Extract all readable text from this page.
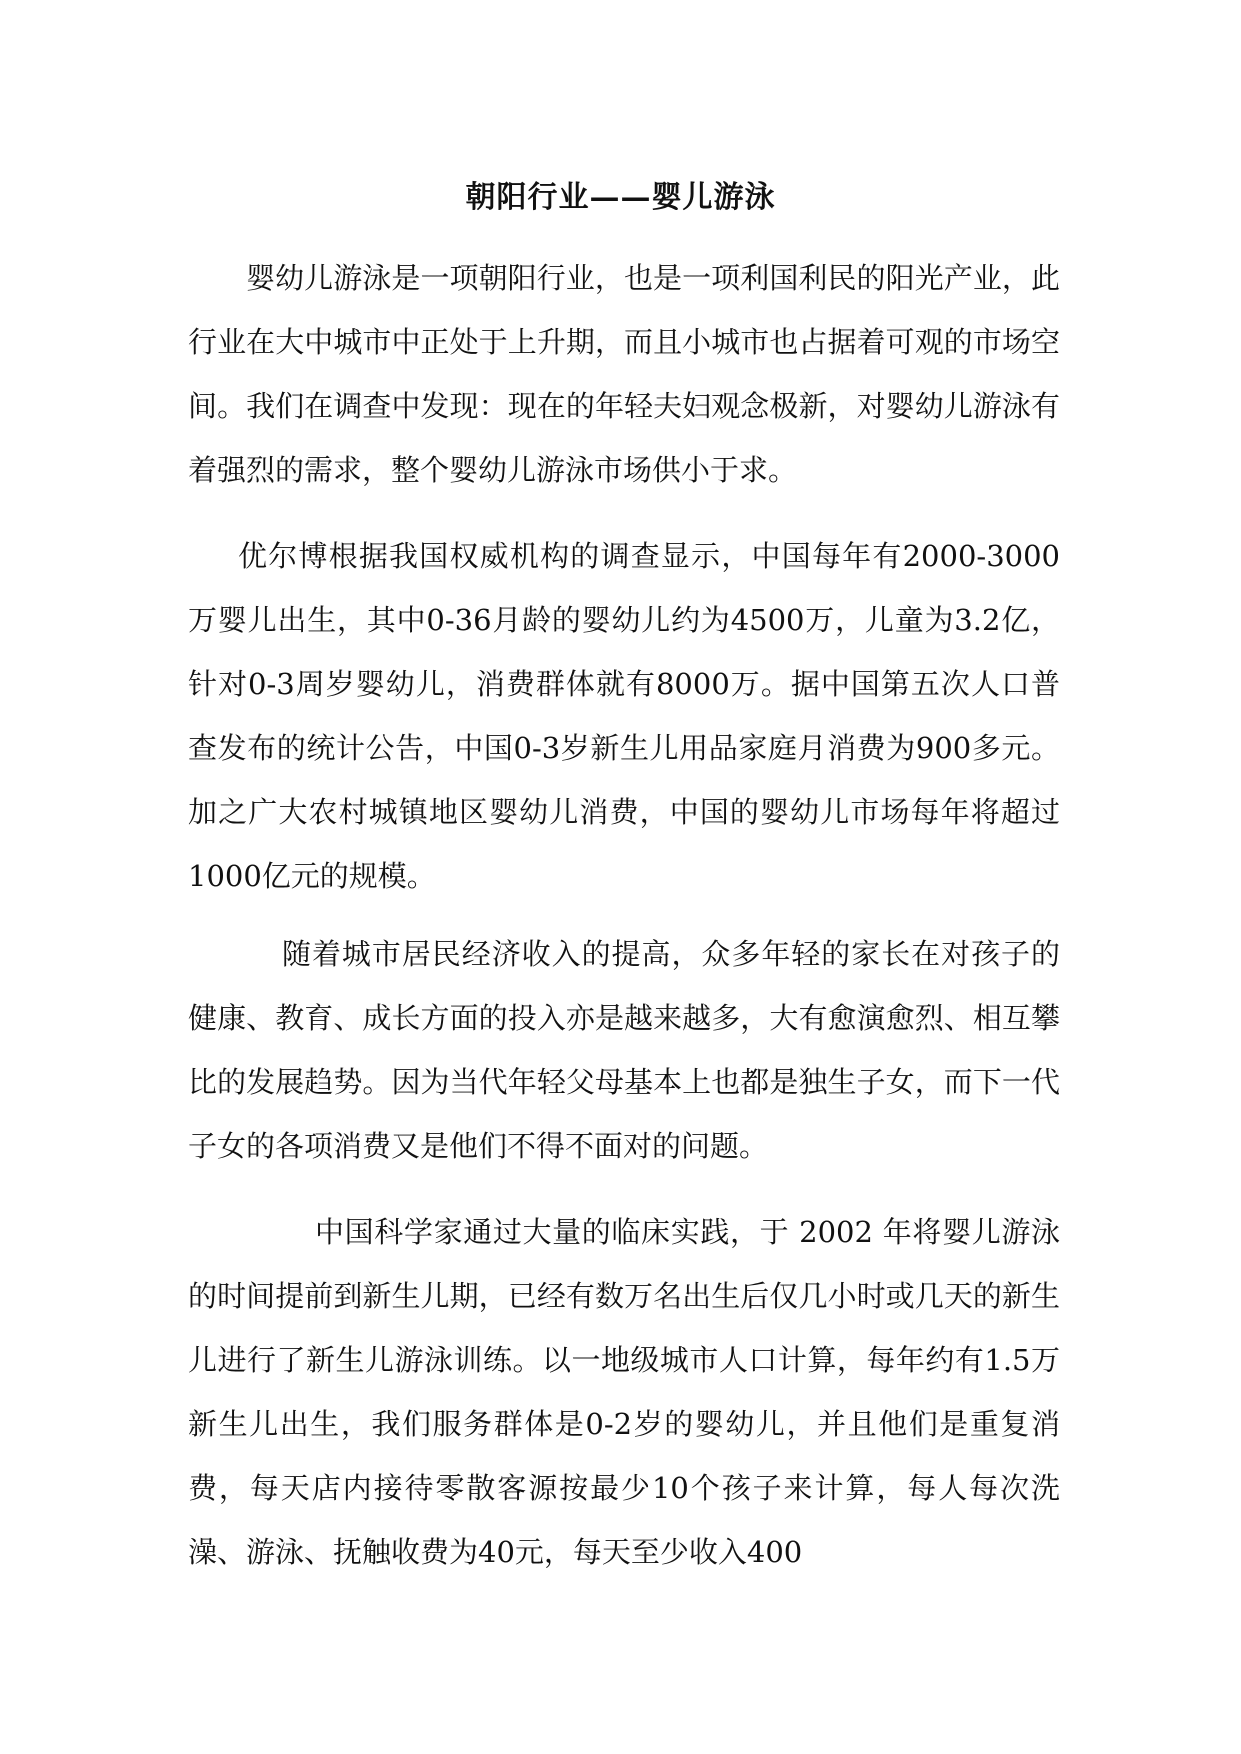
朝阳行业——婴儿游泳

婴幼儿游泳是一项朝阳行业，也是一项利国利民的阳光产业，此行业在大中城市中正处于上升期，而且小城市也占据着可观的市场空间。我们在调查中发现：现在的年轻夫妇观念极新，对婴幼儿游泳有着强烈的需求，整个婴幼儿游泳市场供小于求。

优尔博根据我国权威机构的调查显示，中国每年有2000-3000万婴儿出生，其中0-36月龄的婴幼儿约为4500万，儿童为3.2亿，针对0-3周岁婴幼儿，消费群体就有8000万。据中国第五次人口普查发布的统计公告，中国0-3岁新生儿用品家庭月消费为900多元。加之广大农村城镇地区婴幼儿消费，中国的婴幼儿市场每年将超过1000亿元的规模。

随着城市居民经济收入的提高，众多年轻的家长在对孩子的健康、教育、成长方面的投入亦是越来越多，大有愈演愈烈、相互攀比的发展趋势。因为当代年轻父母基本上也都是独生子女，而下一代子女的各项消费又是他们不得不面对的问题。

中国科学家通过大量的临床实践，于 2002 年将婴儿游泳的时间提前到新生儿期，已经有数万名出生后仅几小时或几天的新生儿进行了新生儿游泳训练。以一地级城市人口计算，每年约有1.5万新生儿出生，我们服务群体是0-2岁的婴幼儿，并且他们是重复消费，每天店内接待零散客源按最少10个孩子来计算，每人每次洗澡、游泳、抚触收费为40元，每天至少收入400
